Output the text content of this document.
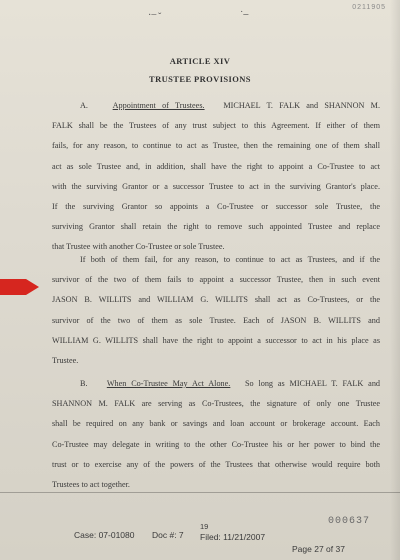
0211905
· ̶ ˇ	˙ ̶̶
ARTICLE XIV
TRUSTEE PROVISIONS
A.	Appointment of Trustees. MICHAEL T. FALK and SHANNON M.
FALK shall be the Trustees of any trust subject to this Agreement. If either of them
fails, for any reason, to continue to act as Trustee, then the remaining one of them shall
act as sole Trustee and, in addition, shall have the right to appoint a Co-Trustee to act
with the surviving Grantor or a successor Trustee to act in the surviving Grantor's place.
If the surviving Grantor so appoints a Co-Trustee or successor sole Trustee, the
surviving Grantor shall retain the right to remove such appointed Trustee and replace
that Trustee with another Co-Trustee or sole Trustee.
If both of them fail, for any reason, to continue to act as Trustees, and if the
survivor of the two of them fails to appoint a successor Trustee, then in such event
JASON B. WILLITS and WILLIAM G. WILLITS shall act as Co-Trustees, or the
survivor of the two of them as sole Trustee. Each of JASON B. WILLITS and
WILLIAM G. WILLITS shall have the right to appoint a successor to act in his place as
Trustee.
B. When Co-Trustee May Act Alone. So long as MICHAEL T. FALK and
SHANNON M. FALK are serving as Co-Trustees, the signature of only one Trustee
shall be required on any bank or savings and loan account or brokerage account. Each
Co-Trustee may delegate in writing to the other Co-Trustee his or her power to bind the
trust or to exercise any of the powers of the Trustees that otherwise would require both
Trustees to act together.
000637
Case: 07-01080 Doc #: 7
19
Filed: 11/21/2007
Page 27 of 37
